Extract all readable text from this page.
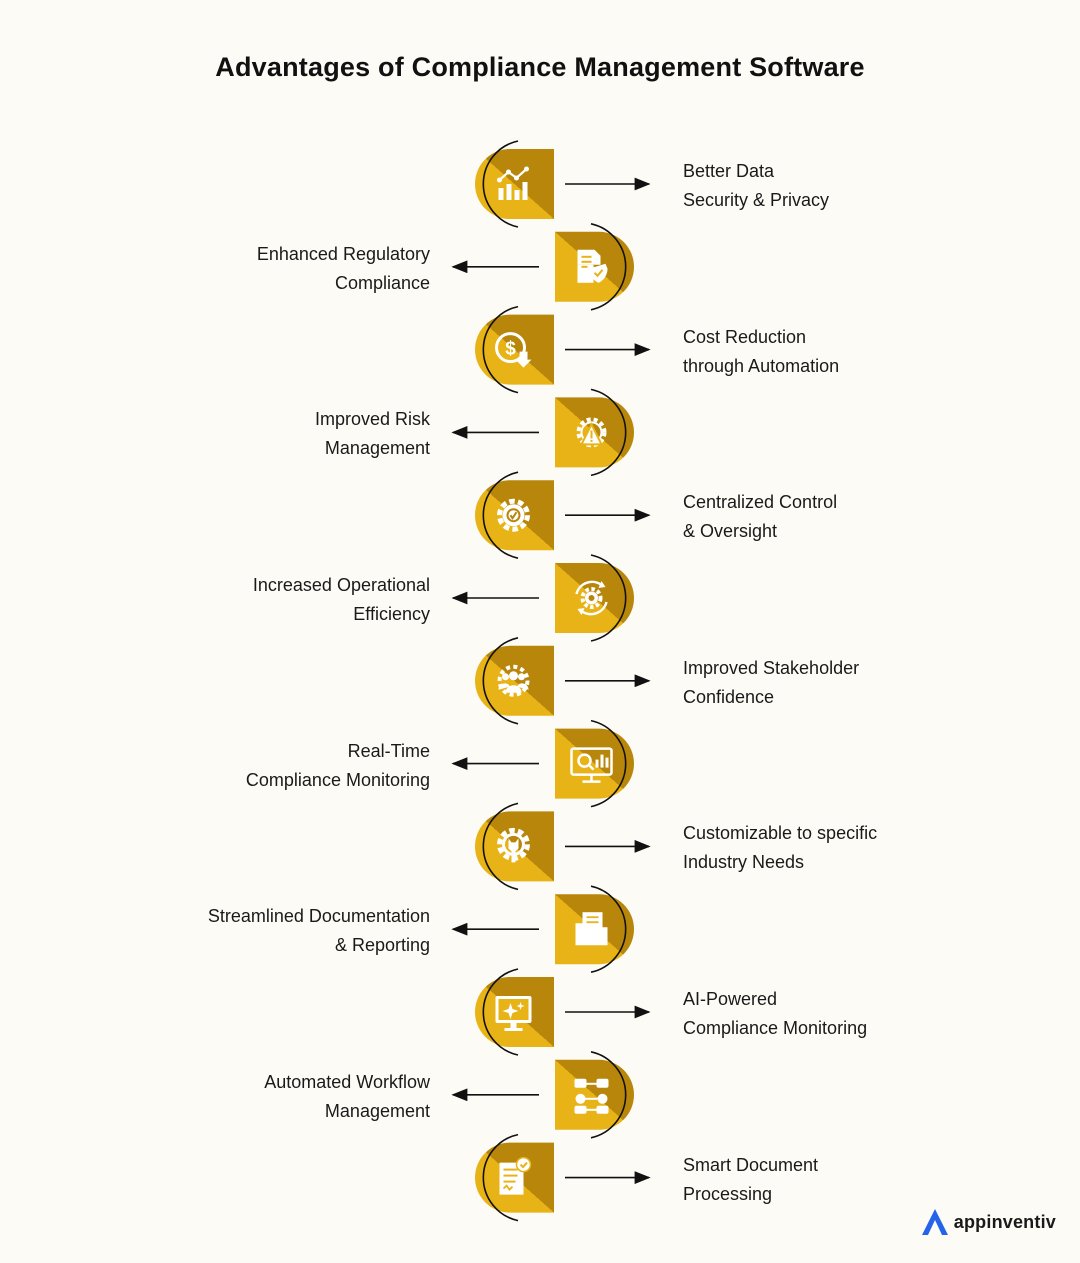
Advantages of Compliance Management Software
$
appinventiv
Better Data
Security & Privacy
Enhanced Regulatory
Compliance
Cost Reduction
through Automation
Improved Risk
Management
Centralized Control
& Oversight
Increased Operational
Efficiency
Improved Stakeholder
Confidence
Real-Time
Compliance Monitoring
Customizable to specific
Industry Needs
Streamlined Documentation
& Reporting
AI-Powered
Compliance Monitoring
Automated Workflow
Management
Smart Document
Processing
